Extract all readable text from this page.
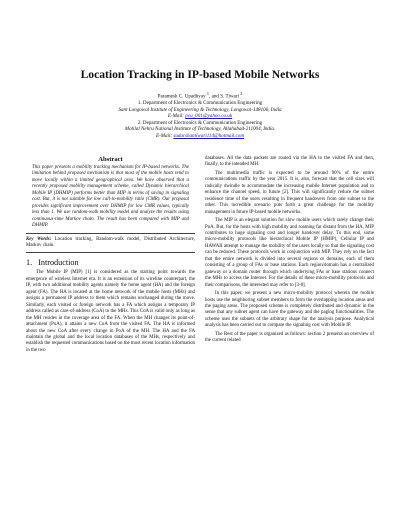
Location Tracking in IP-based Mobile Networks
Paramesh C. Upadhyay $^1$, and S. Tiwari $^2$
1. Department of Electronics & Communication Engineering
Sant Longowal Institute of Engineering & Technology, Longowal-148106, India
E-Mail: pcu_001@yahoo.co.uk
2. Department of Electronics & Communication Engineering
Motilal Nehru National Institute of Technology, Allahabad-211004, India.
E-Mail: sudarshantiwari114@hotmail.com
Abstract

This paper presents a mobility tracking mechanism for IP-based networks. The limitation behind proposed mechanism is that most of the mobile hosts tend to move locally within a limited geographical area. We have observed that a recently proposed mobility management scheme, called Dynamic hierarchical Mobile IP (DHMIP) performs better than MIP in terms of saving in signaling cost. But, it is not suitable for low call-to-mobility ratio (CMR). Our proposal provides significant improvement over DHMIP for low CMR values, typically less than 1. We use random-walk mobility model and analyze the results using continuous-time Markov chain. The result has been compared with MIP and DHMIP.

Key Words: Location tracking, Random-walk model, Distributed Architecture, Markov chain.

1. Introduction

The Mobile IP (MIP) [1] is considered as the starting point towards the emergence of wireless Internet era. It is an extension of its wireline counterpart, the IP, with two additional mobility agents namely the home agent (HA) and the foreign agent (FA). The HA is located at the home network of the mobile hosts (MHs) and assigns a permanent IP address to them which remains unchanged during the move. Similarly, each visited or foreign network has a FA which assigns a temporary IP address called as care-of-address (CoA) to the MHs. This CoA is valid only as long as the MH resides in the coverage area of the FA. When the MH changes its point-of-attachment (PoA), it attains a new CoA from the visited FA. The HA is informed about the new CoA after every change in PoA of the MH. The HA and the FA maintain the global and the local location databases of the MHs, respectively and establish the requested communications based on the most recent location information in the two

databases. All the data packets are routed via the HA to the visited FA and then, finally, to the intended MH.

The multimedia traffic is expected to be around 90% of the entire communications traffic by the year 2015. It is, also, forecast that the cell sizes will radically dwindle to accommodate the increasing mobile Internet population and to enhance the channel speed, in future [2]. This will significantly reduce the subnet residence time of the users resulting in frequent handovers from one subnet to the other. This incredible scenario puts forth a great challenge for the mobility management in future IP-based mobile networks.

The MIP is an elegant solution for slow mobile users which rarely change their PoA. But, for the hosts with high mobility and roaming far distant from the HA, MIP contributes to huge signaling cost and longer handover delay. To this end, some micro-mobility protocols like hierarchical Mobile IP (HMIP), Cellular IP and HAWAII attempt to manage the mobility of the users locally so that the signaling cost can be reduced. These protocols work in conjunction with MIP. They rely on the fact that the entire network is divided into several regions or domains, each of them consisting of a group of FAs or base stations. Each region/domain has a centralized gateway or a domain router through which underlying FAs or base stations connect the MHs to access the Internet. For the details of these micro-mobility protocols and their comparisons, the interested may refer to [3-8].

In this paper, we present a new micro-mobility protocol wherein the mobile hosts use the neighboring subnet members to form the overlapping location areas and the paging areas. The proposed scheme is completely distributed and dynamic in the sense that any subnet agent can have the gateway and the paging functionalities. The scheme uses the subnets of the arbitrary shape for the analysis purpose. Analytical analysis has been carried out to compare the signaling cost with Mobile IP.

The Rest of the paper is organized as follows: section 2 presents an overview of the current related
